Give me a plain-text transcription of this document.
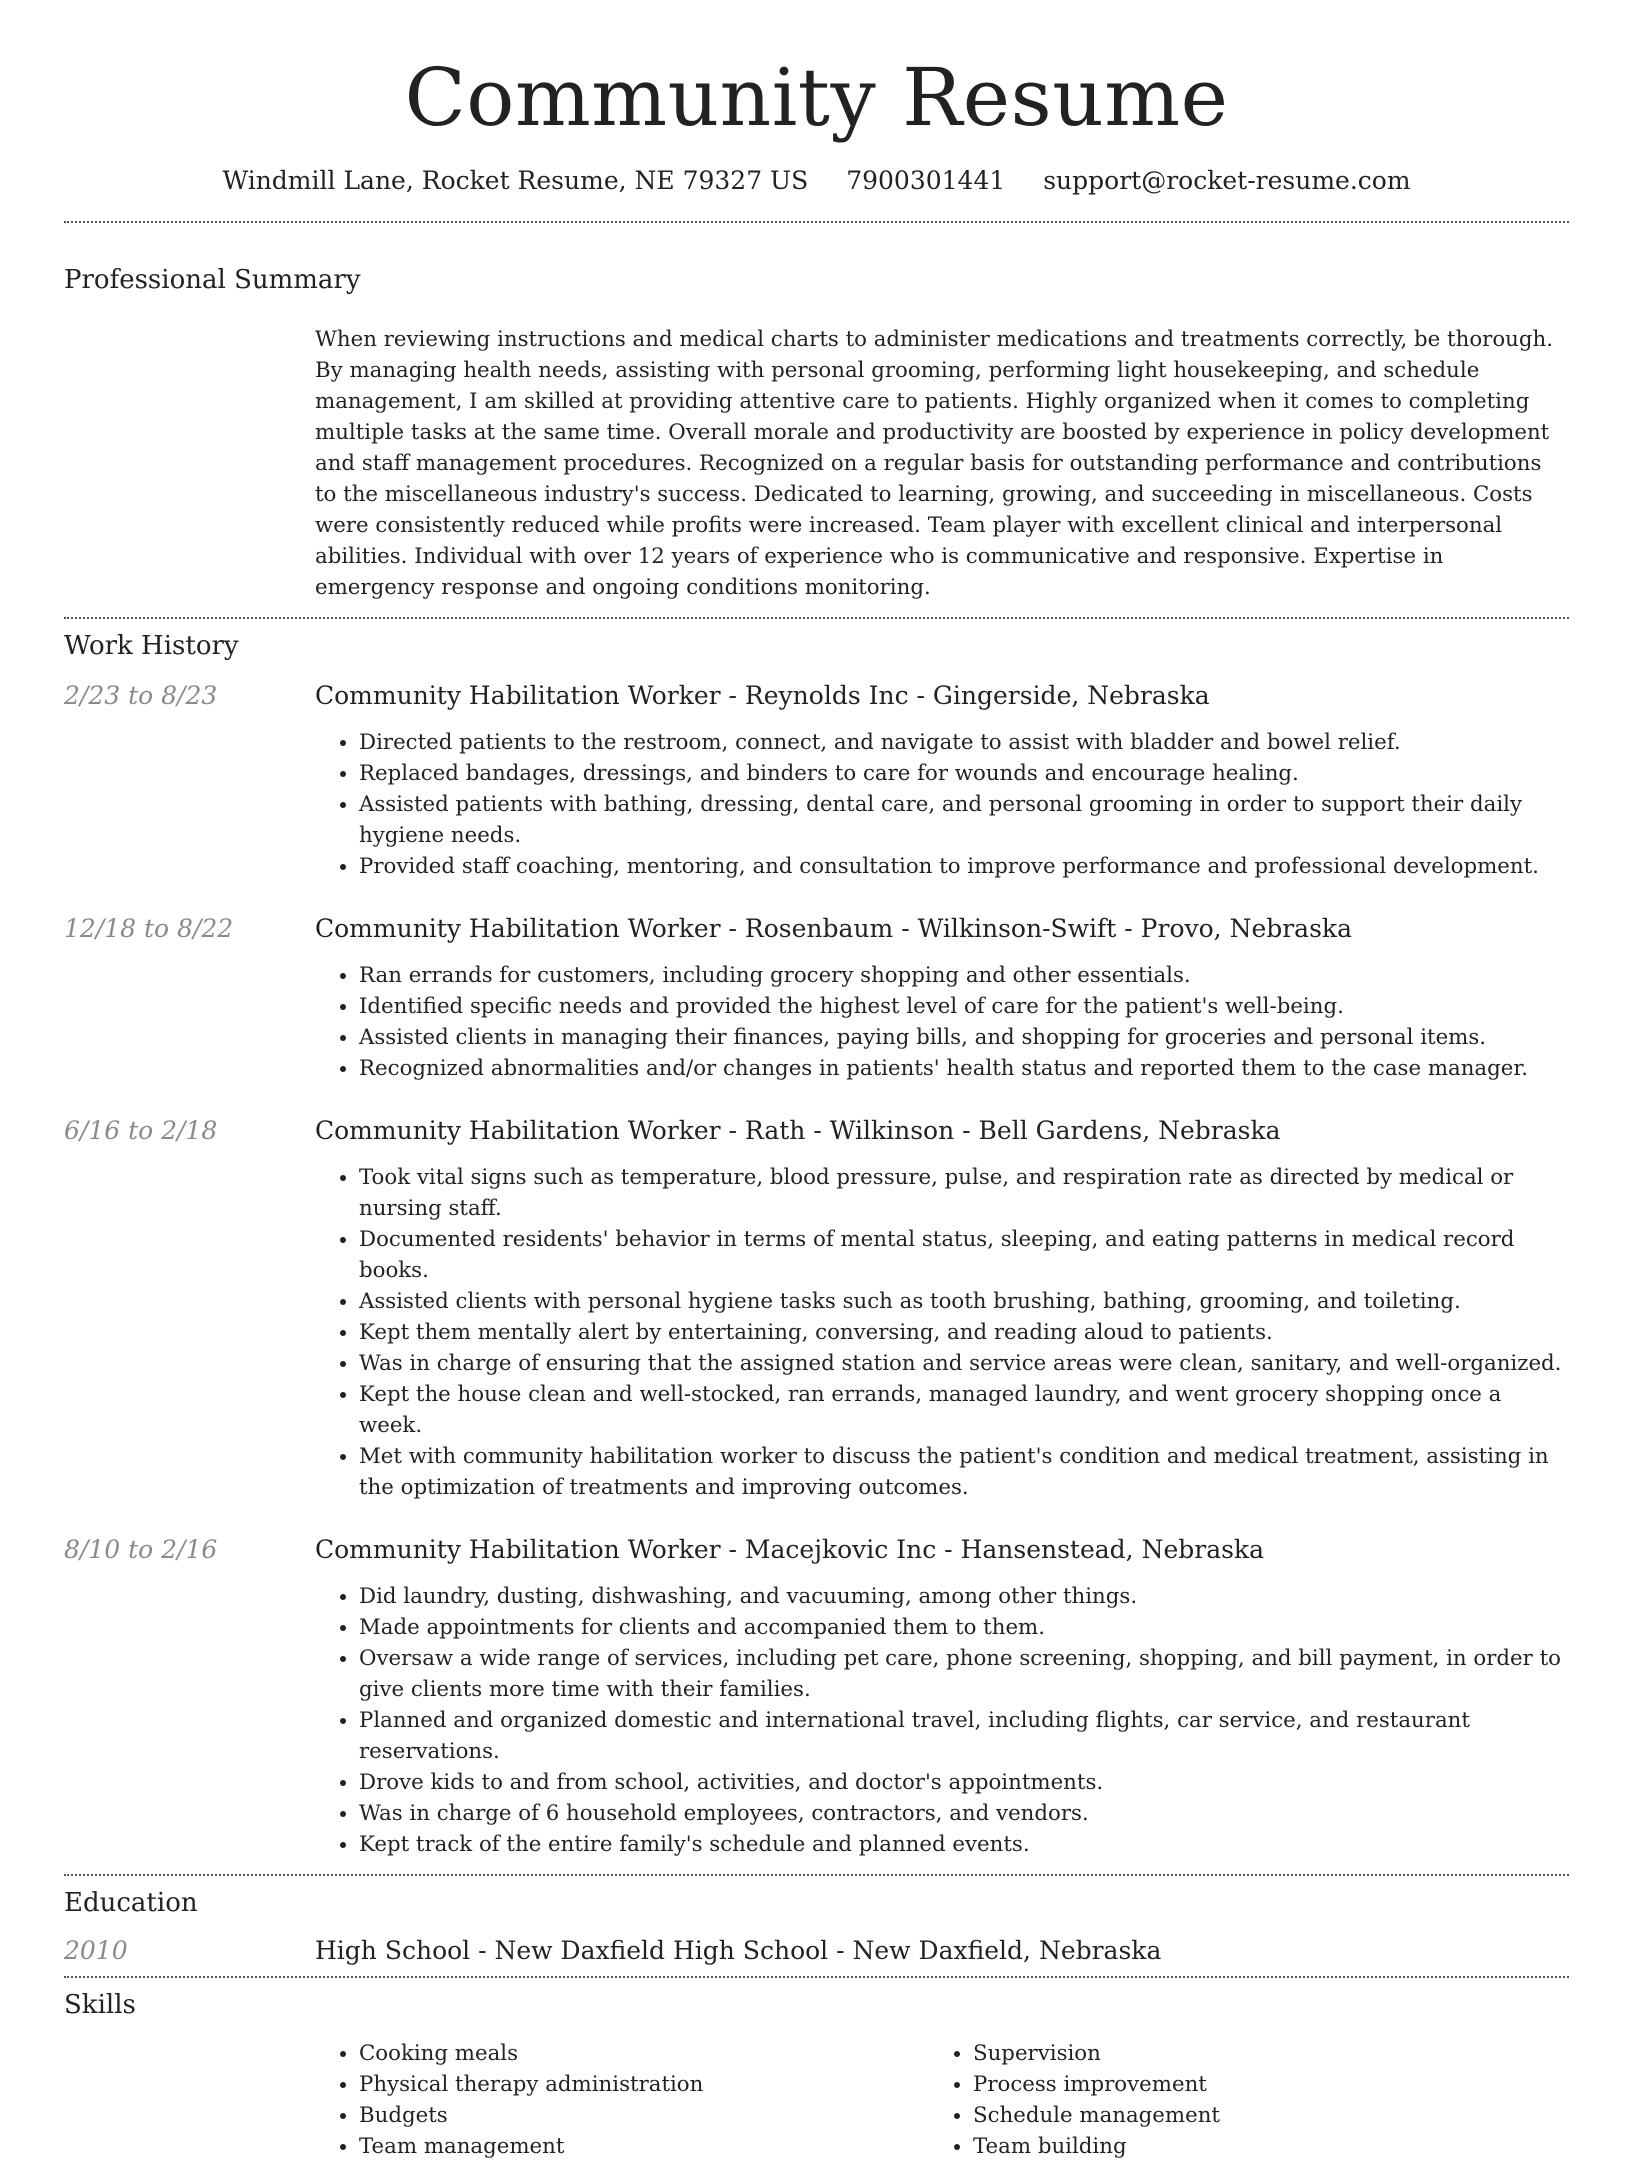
Community Resume
Windmill Lane, Rocket Resume, NE 79327 US 7900301441 support@rocket-resume.com
Professional Summary
When reviewing instructions and medical charts to administer medications and treatments correctly, be thorough. By managing health needs, assisting with personal grooming, performing light housekeeping, and schedule management, I am skilled at providing attentive care to patients. Highly organized when it comes to completing multiple tasks at the same time. Overall morale and productivity are boosted by experience in policy development and staff management procedures. Recognized on a regular basis for outstanding performance and contributions to the miscellaneous industry's success. Dedicated to learning, growing, and succeeding in miscellaneous. Costs were consistently reduced while profits were increased. Team player with excellent clinical and interpersonal abilities. Individual with over 12 years of experience who is communicative and responsive. Expertise in emergency response and ongoing conditions monitoring.
Work History
2/23 to 8/23	Community Habilitation Worker - Reynolds Inc - Gingerside, Nebraska
• Directed patients to the restroom, connect, and navigate to assist with bladder and bowel relief.
• Replaced bandages, dressings, and binders to care for wounds and encourage healing.
• Assisted patients with bathing, dressing, dental care, and personal grooming in order to support their daily hygiene needs.
• Provided staff coaching, mentoring, and consultation to improve performance and professional development.
12/18 to 8/22	Community Habilitation Worker - Rosenbaum - Wilkinson-Swift - Provo, Nebraska
• Ran errands for customers, including grocery shopping and other essentials.
• Identified specific needs and provided the highest level of care for the patient's well-being.
• Assisted clients in managing their finances, paying bills, and shopping for groceries and personal items.
• Recognized abnormalities and/or changes in patients' health status and reported them to the case manager.
6/16 to 2/18	Community Habilitation Worker - Rath - Wilkinson - Bell Gardens, Nebraska
• Took vital signs such as temperature, blood pressure, pulse, and respiration rate as directed by medical or nursing staff.
• Documented residents' behavior in terms of mental status, sleeping, and eating patterns in medical record books.
• Assisted clients with personal hygiene tasks such as tooth brushing, bathing, grooming, and toileting.
• Kept them mentally alert by entertaining, conversing, and reading aloud to patients.
• Was in charge of ensuring that the assigned station and service areas were clean, sanitary, and well-organized.
• Kept the house clean and well-stocked, ran errands, managed laundry, and went grocery shopping once a week.
• Met with community habilitation worker to discuss the patient's condition and medical treatment, assisting in the optimization of treatments and improving outcomes.
8/10 to 2/16	Community Habilitation Worker - Macejkovic Inc - Hansenstead, Nebraska
• Did laundry, dusting, dishwashing, and vacuuming, among other things.
• Made appointments for clients and accompanied them to them.
• Oversaw a wide range of services, including pet care, phone screening, shopping, and bill payment, in order to give clients more time with their families.
• Planned and organized domestic and international travel, including flights, car service, and restaurant reservations.
• Drove kids to and from school, activities, and doctor's appointments.
• Was in charge of 6 household employees, contractors, and vendors.
• Kept track of the entire family's schedule and planned events.
Education
2010	High School - New Daxfield High School - New Daxfield, Nebraska
Skills
• Cooking meals
• Physical therapy administration
• Budgets
• Team management
• Supervision
• Process improvement
• Schedule management
• Team building
